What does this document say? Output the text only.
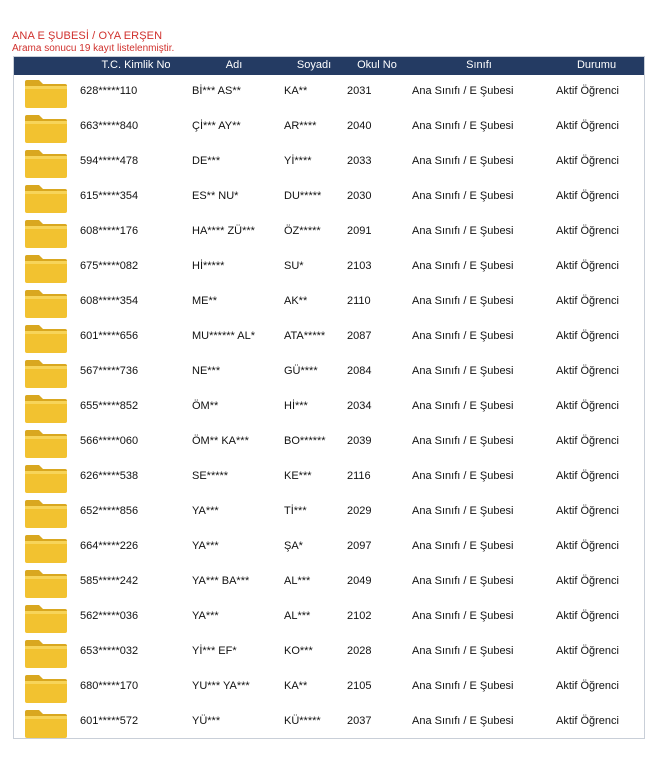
ANA E ŞUBESİ / OYA ERŞEN
Arama sonucu 19 kayıt listelenmiştir.
T.C. Kimlik No	Adı	Soyadı	Okul No	Sınıfı	Durumu
628*****110	Bİ*** AS**	KA**	2031	Ana Sınıfı / E Şubesi	Aktif Öğrenci
663*****840	Çİ*** AY**	AR****	2040	Ana Sınıfı / E Şubesi	Aktif Öğrenci
594*****478	DE***	Yİ****	2033	Ana Sınıfı / E Şubesi	Aktif Öğrenci
615*****354	ES** NU*	DU***** 2030	Ana Sınıfı / E Şubesi	Aktif Öğrenci
608*****176	HA**** ZÜ***	ÖZ***** 2091	Ana Sınıfı / E Şubesi	Aktif Öğrenci
675*****082	Hİ*****	SU*	2103	Ana Sınıfı / E Şubesi	Aktif Öğrenci
608*****354	ME**	AK**	2110	Ana Sınıfı / E Şubesi	Aktif Öğrenci
601*****656	MU****** AL*	ATA***** 2087	Ana Sınıfı / E Şubesi	Aktif Öğrenci
567*****736	NE***	GÜ****	2084	Ana Sınıfı / E Şubesi	Aktif Öğrenci
655*****852	ÖM**	Hİ***	2034	Ana Sınıfı / E Şubesi	Aktif Öğrenci
566*****060	ÖM** KA***	BO****** 2039	Ana Sınıfı / E Şubesi	Aktif Öğrenci
626*****538	SE*****	KE***	2116	Ana Sınıfı / E Şubesi	Aktif Öğrenci
652*****856	YA***	Tİ***	2029	Ana Sınıfı / E Şubesi	Aktif Öğrenci
664*****226	YA***	ŞA*	2097	Ana Sınıfı / E Şubesi	Aktif Öğrenci
585*****242	YA*** BA***	AL***	2049	Ana Sınıfı / E Şubesi	Aktif Öğrenci
562*****036	YA***	AL***	2102	Ana Sınıfı / E Şubesi	Aktif Öğrenci
653*****032	Yİ*** EF*	KO***	2028	Ana Sınıfı / E Şubesi	Aktif Öğrenci
680*****170	YU*** YA***	KA**	2105	Ana Sınıfı / E Şubesi	Aktif Öğrenci
601*****572	YÜ***	KÜ***** 2037	Ana Sınıfı / E Şubesi	Aktif Öğrenci
